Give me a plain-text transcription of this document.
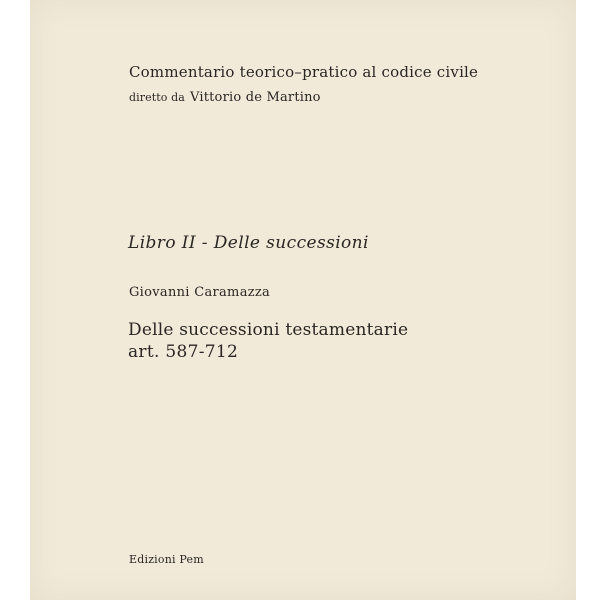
Commentario teorico–pratico al codice civile
diretto da Vittorio de Martino
Libro II - Delle successioni
Giovanni Caramazza
Delle successioni testamentarie
art. 587-712
Edizioni Pem
